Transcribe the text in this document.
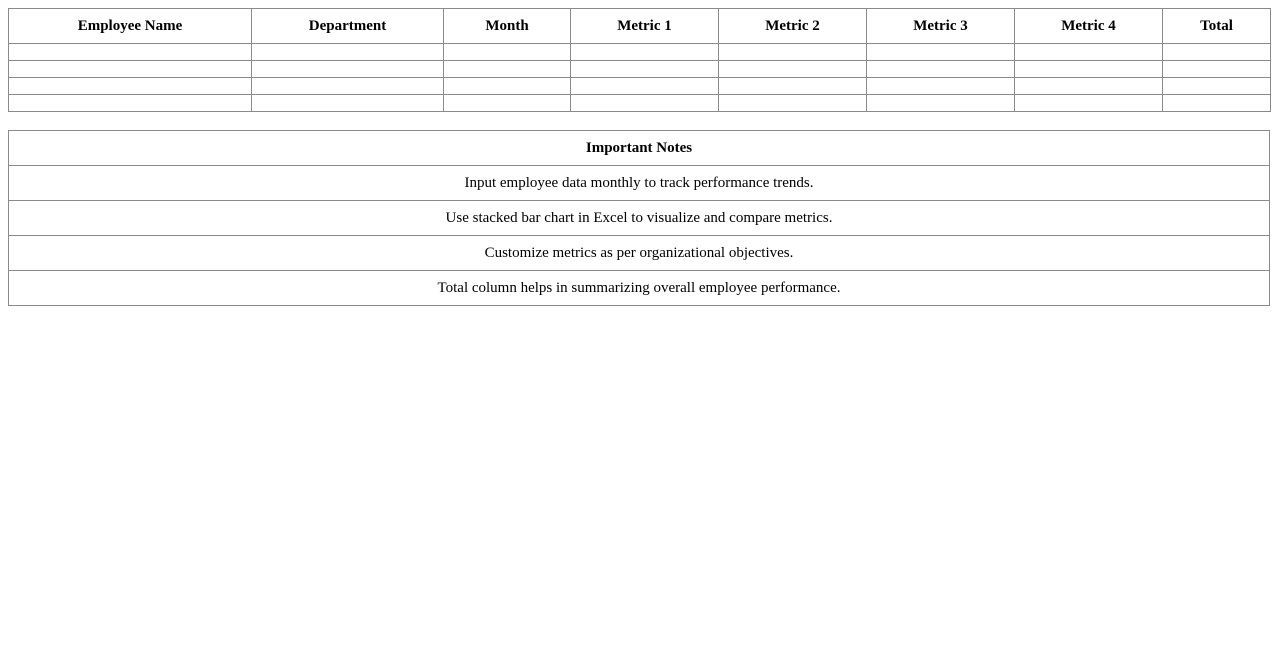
Employee Name	Department	Month	Metric 1	Metric 2	Metric 3	Metric 4	Total

Important Notes
Input employee data monthly to track performance trends.
Use stacked bar chart in Excel to visualize and compare metrics.
Customize metrics as per organizational objectives.
Total column helps in summarizing overall employee performance.
